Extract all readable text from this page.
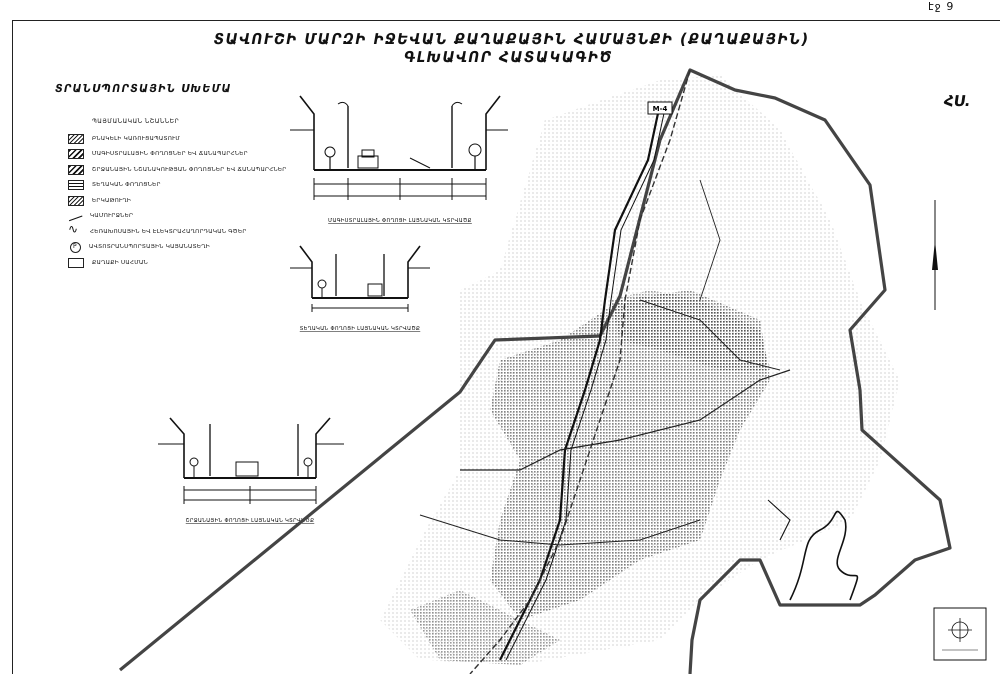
էջ 9
ՏԱՎՈՒՇԻ ՄԱՐԶԻ ԻՋԵՎԱՆ ՔԱՂԱՔԱՅԻՆ ՀԱՄԱՅՆՔԻ (ՔԱՂԱՔԱՅԻՆ) ԳԼԽԱՎՈՐ ՀԱՏԱԿԱԳԻԾ
ՏՐԱՆՍՊՈՐՏԱՅԻՆ ՍԽԵՄԱ
ՊԱՅՄԱՆԱԿԱՆ ՆՇԱՆՆԵՐ
ԲՆԱԿԵԼԻ ԿԱՌՈՒՑԱՊԱՏՈՒՄ
ՄԱԳԻՍՏՐԱԼԱՅԻՆ ՓՈՂՈՑՆԵՐ ԵՎ ՃԱՆԱՊԱՐՀՆԵՐ
ՇՐՋԱՆԱՅԻՆ ՆՇԱՆԱԿՈՒԹՅԱՆ ՓՈՂՈՑՆԵՐ ԵՎ ՃԱՆԱՊԱՐՀՆԵՐ
ՏԵՂԱԿԱՆ ՓՈՂՈՑՆԵՐ
ԵՐԿԱԹՈՒՂԻ
ԿԱՄՈՒՐՋՆԵՐ
∿
ՀԵՌԱԽՈՍԱՅԻՆ ԵՎ ԷԼԵԿՏՐԱՀԱՂՈՐԴԱԿԱՆ ԳԾԵՐ
P
ԱՎՏՈՏՐԱՆՍՊՈՐՏԱՅԻՆ ԿԱՅԱՆԱՏԵՂԻ
ՔԱՂԱՔԻ ՍԱՀՄԱՆ
ՄԱԳԻՍՏՐԱԼԱՅԻՆ ՓՈՂՈՑԻ ԼԱՅՆԱԿԱՆ ԿՏՐՎԱԾՔ
ՏԵՂԱԿԱՆ ՓՈՂՈՑԻ ԼԱՅՆԱԿԱՆ ԿՏՐՎԱԾՔ
ՇՐՋԱՆԱՅԻՆ ՓՈՂՈՑԻ ԼԱՅՆԱԿԱՆ ԿՏՐՎԱԾՔ
M-4	ՀՍ.
